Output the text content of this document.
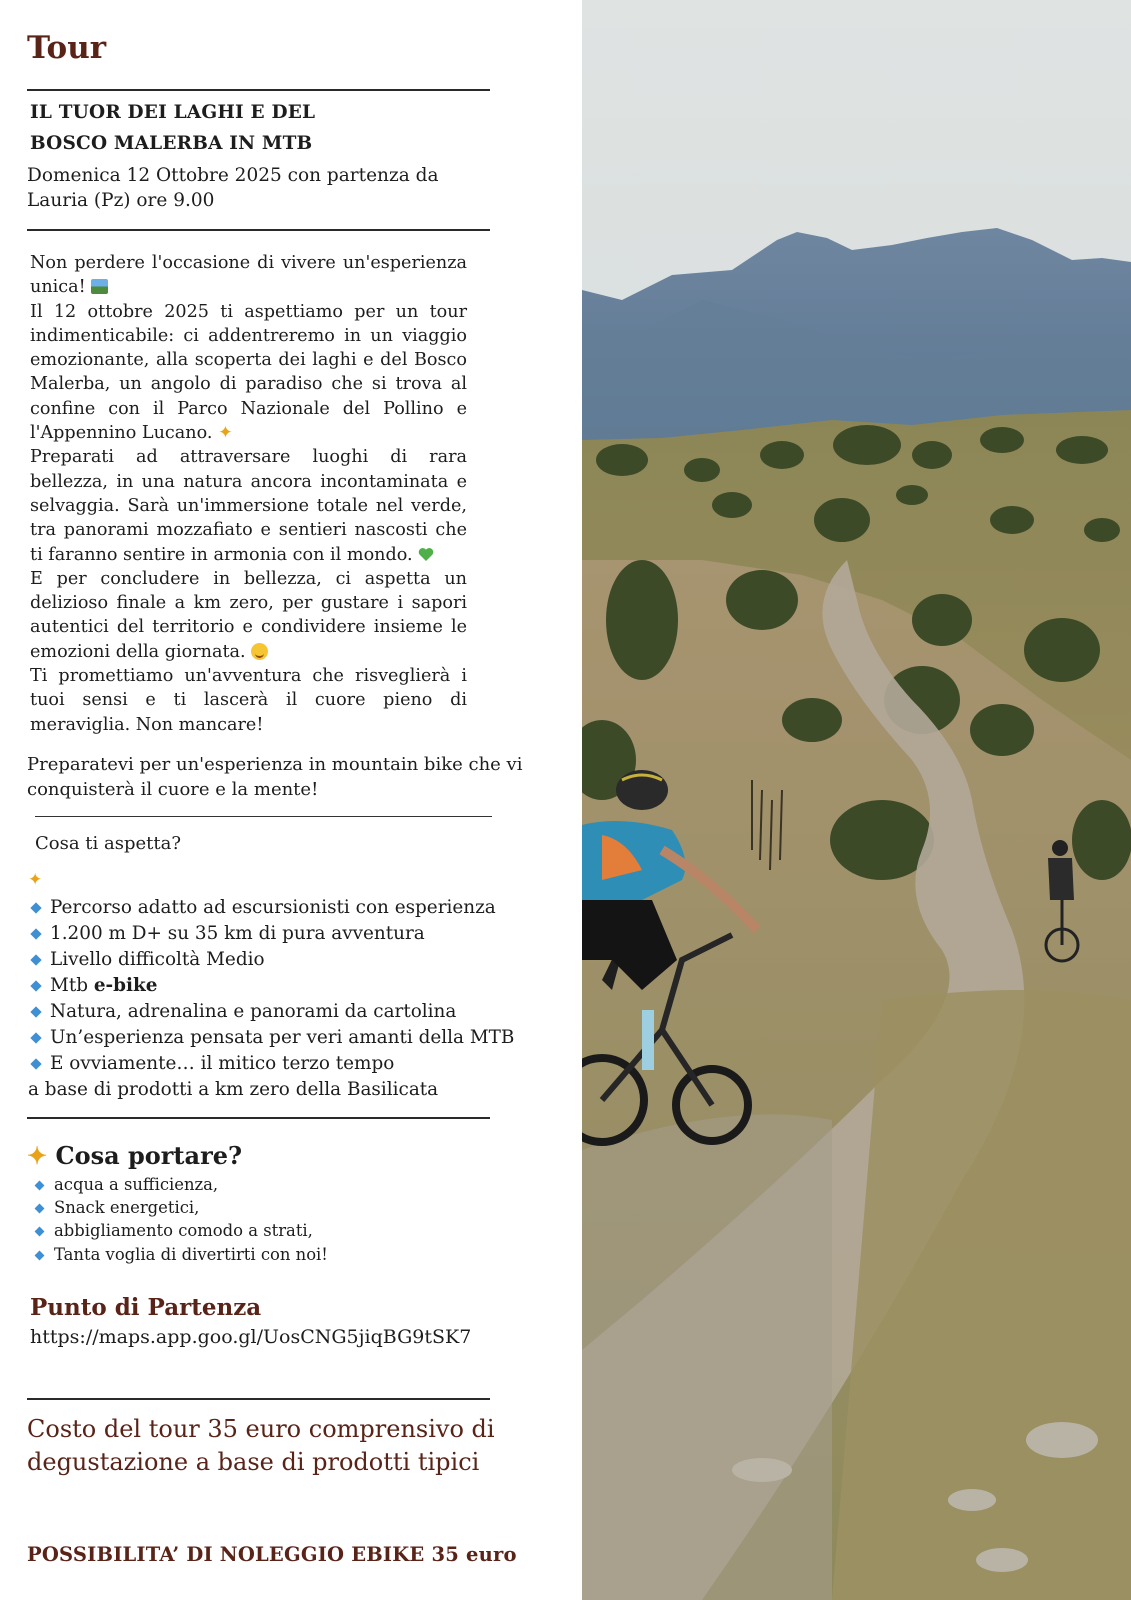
Tour
IL TUOR DEI LAGHI E DEL
BOSCO MALERBA IN MTB
Domenica 12 Ottobre 2025 con partenza da Lauria (Pz) ore 9.00

Non perdere l'occasione di vivere un'esperienza unica!

Il 12 ottobre 2025 ti aspettiamo per un tour indimenticabile: ci addentreremo in un viaggio emozionante, alla scoperta dei laghi e del Bosco Malerba, un angolo di paradiso che si trova al confine con il Parco Nazionale del Pollino e l'Appennino Lucano. ✦

Preparati ad attraversare luoghi di rara bellezza, in una natura ancora incontaminata e selvaggia. Sarà un'immersione totale nel verde, tra panorami mozzafiato e sentieri nascosti che ti faranno sentire in armonia con il mondo.

E per concludere in bellezza, ci aspetta un delizioso finale a km zero, per gustare i sapori autentici del territorio e condividere insieme le emozioni della giornata.

Ti promettiamo un'avventura che risveglierà i tuoi sensi e ti lascerà il cuore pieno di meraviglia. Non mancare!

Preparatevi per un'esperienza in mountain bike che vi conquisterà il cuore e la mente!
Cosa ti aspetta?
✦
Percorso adatto ad escursionisti con esperienza
1.200 m D+ su 35 km di pura avventura
Livello difficoltà Medio
Mtb e-bike
Natura, adrenalina e panorami da cartolina
Un’esperienza pensata per veri amanti della MTB
E ovviamente… il mitico terzo tempo
a base di prodotti a km zero della Basilicata
✦ Cosa portare?
acqua a sufficienza,
Snack energetici,
abbigliamento comodo a strati,
Tanta voglia di divertirti con noi!
Punto di Partenza
https://maps.app.goo.gl/UosCNG5jiqBG9tSK7
Costo del tour 35 euro comprensivo di degustazione a base di prodotti tipici
POSSIBILITA’ DI NOLEGGIO EBIKE 35 euro
